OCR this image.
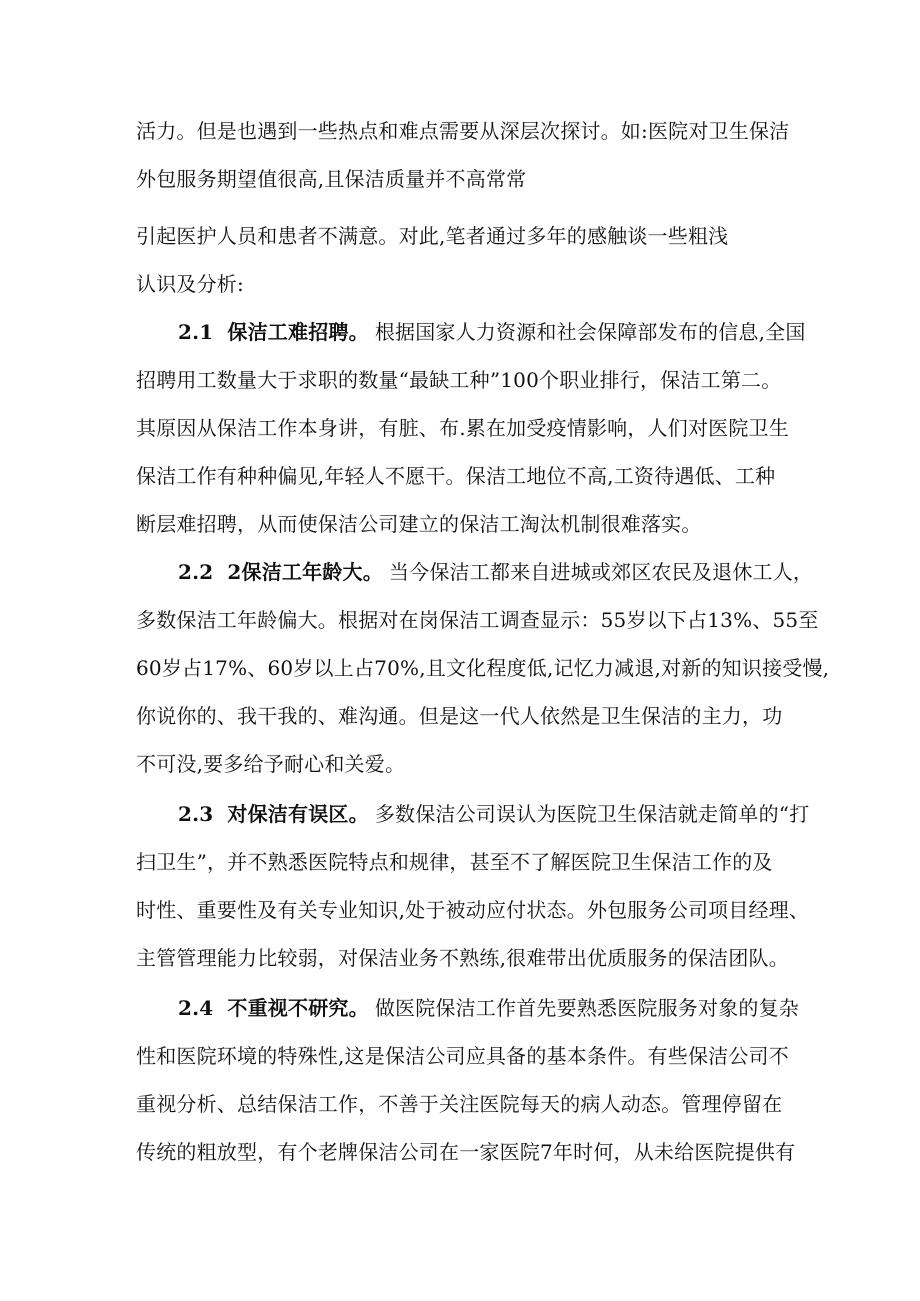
活力。但是也遇到一些热点和难点需要从深层次探讨。如:医院对卫生保洁
外包服务期望值很高,且保洁质量并不高常常
引起医护人员和患者不满意。对此,笔者通过多年的感触谈一些粗浅
认识及分析:
2.1 保洁工难招聘。 根据国家人力资源和社会保障部发布的信息,全国
招聘用工数量大于求职的数量“最缺工种”100个职业排行，保洁工第二。
其原因从保洁工作本身讲，有脏、布.累在加受疫情影响，人们对医院卫生
保洁工作有种种偏见,年轻人不愿干。保洁工地位不高,工资待遇低、工种
断层难招聘，从而使保洁公司建立的保洁工淘汰机制很难落实。
2.2 2保洁工年龄大。 当今保洁工都来自进城或郊区农民及退休工人，
多数保洁工年龄偏大。根据对在岗保洁工调查显示：55岁以下占13%、55至
60岁占17%、60岁以上占70%,且文化程度低,记忆力减退,对新的知识接受慢,
你说你的、我干我的、难沟通。但是这一代人依然是卫生保洁的主力，功
不可没,要多给予耐心和关爱。
2.3 对保洁有误区。 多数保洁公司误认为医院卫生保洁就走简单的“打
扫卫生”，并不熟悉医院特点和规律，甚至不了解医院卫生保洁工作的及
时性、重要性及有关专业知识,处于被动应付状态。外包服务公司项目经理、
主管管理能力比较弱，对保洁业务不熟练,很难带出优质服务的保洁团队。
2.4 不重视不研究。 做医院保洁工作首先要熟悉医院服务对象的复杂
性和医院环境的特殊性,这是保洁公司应具备的基本条件。有些保洁公司不
重视分析、总结保洁工作，不善于关注医院每天的病人动态。管理停留在
传统的粗放型，有个老牌保洁公司在一家医院7年时何，从未给医院提供有
